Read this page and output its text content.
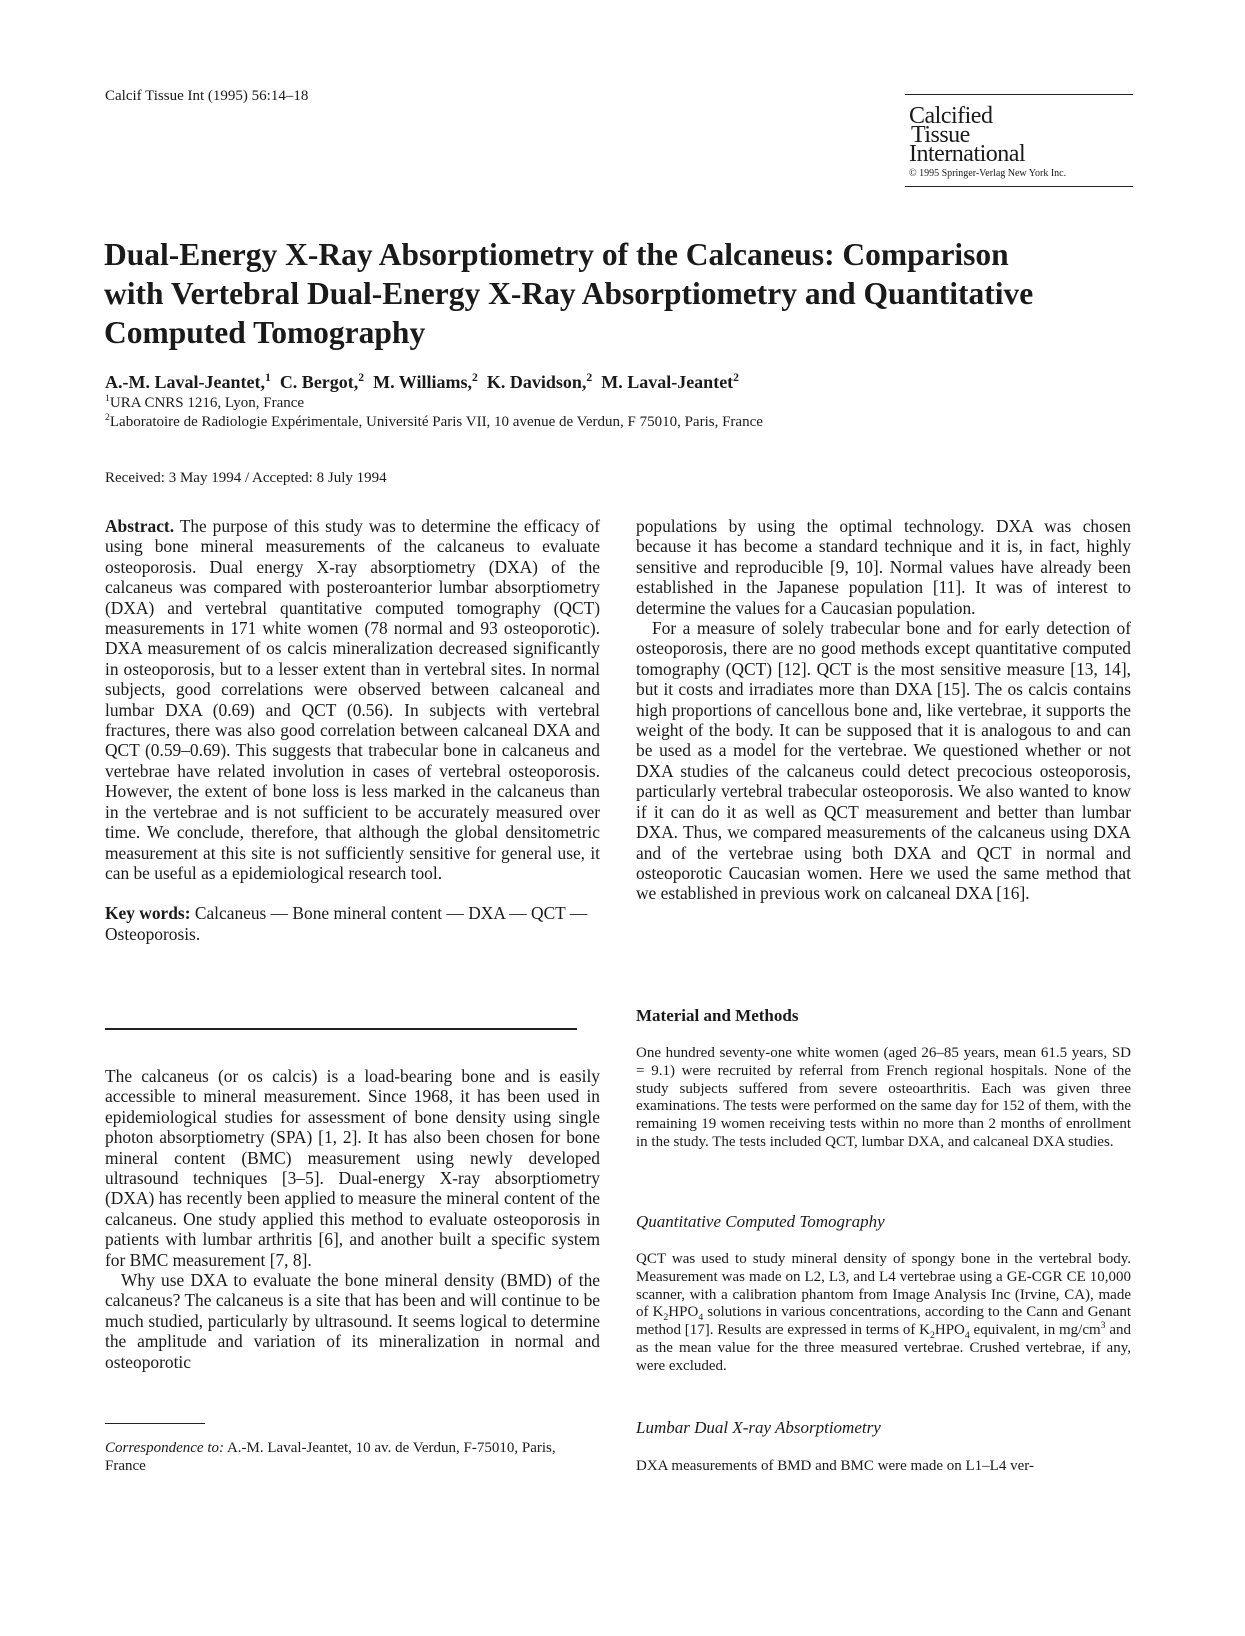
Calcif Tissue Int (1995) 56:14–18
Calcified
Tissue
International
© 1995 Springer-Verlag New York Inc.
Dual-Energy X-Ray Absorptiometry of the Calcaneus: Comparison
with Vertebral Dual-Energy X-Ray Absorptiometry and Quantitative
Computed Tomography
A.-M. Laval-Jeantet,$^1$ C. Bergot,$^2$ M. Williams,$^2$ K. Davidson,$^2$ M. Laval-Jeantet$^2$
$^1$URA CNRS 1216, Lyon, France
$^2$Laboratoire de Radiologie Expérimentale, Université Paris VII, 10 avenue de Verdun, F 75010, Paris, France
Received: 3 May 1994 / Accepted: 8 July 1994

Abstract. The purpose of this study was to determine the efficacy of using bone mineral measurements of the calcaneus to evaluate osteoporosis. Dual energy X-ray absorptiometry (DXA) of the calcaneus was compared with posteroanterior lumbar absorptiometry (DXA) and vertebral quantitative computed tomography (QCT) measurements in 171 white women (78 normal and 93 osteoporotic). DXA measurement of os calcis mineralization decreased significantly in osteoporosis, but to a lesser extent than in vertebral sites. In normal subjects, good correlations were observed between calcaneal and lumbar DXA (0.69) and QCT (0.56). In subjects with vertebral fractures, there was also good correlation between calcaneal DXA and QCT (0.59–0.69). This suggests that trabecular bone in calcaneus and vertebrae have related involution in cases of vertebral osteoporosis. However, the extent of bone loss is less marked in the calcaneus than in the vertebrae and is not sufficient to be accurately measured over time. We conclude, therefore, that although the global densitometric measurement at this site is not sufficiently sensitive for general use, it can be useful as a epidemiological research tool.

Key words: Calcaneus — Bone mineral content — DXA — QCT — Osteoporosis.

The calcaneus (or os calcis) is a load-bearing bone and is easily accessible to mineral measurement. Since 1968, it has been used in epidemiological studies for assessment of bone density using single photon absorptiometry (SPA) [1, 2]. It has also been chosen for bone mineral content (BMC) measurement using newly developed ultrasound techniques [3–5]. Dual-energy X-ray absorptiometry (DXA) has recently been applied to measure the mineral content of the calcaneus. One study applied this method to evaluate osteoporosis in patients with lumbar arthritis [6], and another built a specific system for BMC measurement [7, 8].

Why use DXA to evaluate the bone mineral density (BMD) of the calcaneus? The calcaneus is a site that has been and will continue to be much studied, particularly by ultrasound. It seems logical to determine the amplitude and variation of its mineralization in normal and osteoporotic

Correspondence to: A.-M. Laval-Jeantet, 10 av. de Verdun, F-75010, Paris, France

populations by using the optimal technology. DXA was chosen because it has become a standard technique and it is, in fact, highly sensitive and reproducible [9, 10]. Normal values have already been established in the Japanese population [11]. It was of interest to determine the values for a Caucasian population.

For a measure of solely trabecular bone and for early detection of osteoporosis, there are no good methods except quantitative computed tomography (QCT) [12]. QCT is the most sensitive measure [13, 14], but it costs and irradiates more than DXA [15]. The os calcis contains high proportions of cancellous bone and, like vertebrae, it supports the weight of the body. It can be supposed that it is analogous to and can be used as a model for the vertebrae. We questioned whether or not DXA studies of the calcaneus could detect precocious osteoporosis, particularly vertebral trabecular osteoporosis. We also wanted to know if it can do it as well as QCT measurement and better than lumbar DXA. Thus, we compared measurements of the calcaneus using DXA and of the vertebrae using both DXA and QCT in normal and osteoporotic Caucasian women. Here we used the same method that we established in previous work on calcaneal DXA [16].

Material and Methods
One hundred seventy-one white women (aged 26–85 years, mean 61.5 years, SD = 9.1) were recruited by referral from French regional hospitals. None of the study subjects suffered from severe osteoarthritis. Each was given three examinations. The tests were performed on the same day for 152 of them, with the remaining 19 women receiving tests within no more than 2 months of enrollment in the study. The tests included QCT, lumbar DXA, and calcaneal DXA studies.
Quantitative Computed Tomography
QCT was used to study mineral density of spongy bone in the vertebral body. Measurement was made on L2, L3, and L4 vertebrae using a GE-CGR CE 10,000 scanner, with a calibration phantom from Image Analysis Inc (Irvine, CA), made of $K_2HPO_4$ solutions in various concentrations, according to the Cann and Genant method [17]. Results are expressed in terms of $K_2HPO_4$ equivalent, in $mg/cm^3$ and as the mean value for the three measured vertebrae. Crushed vertebrae, if any, were excluded.
Lumbar Dual X-ray Absorptiometry
DXA measurements of BMD and BMC were made on L1–L4 ver-
